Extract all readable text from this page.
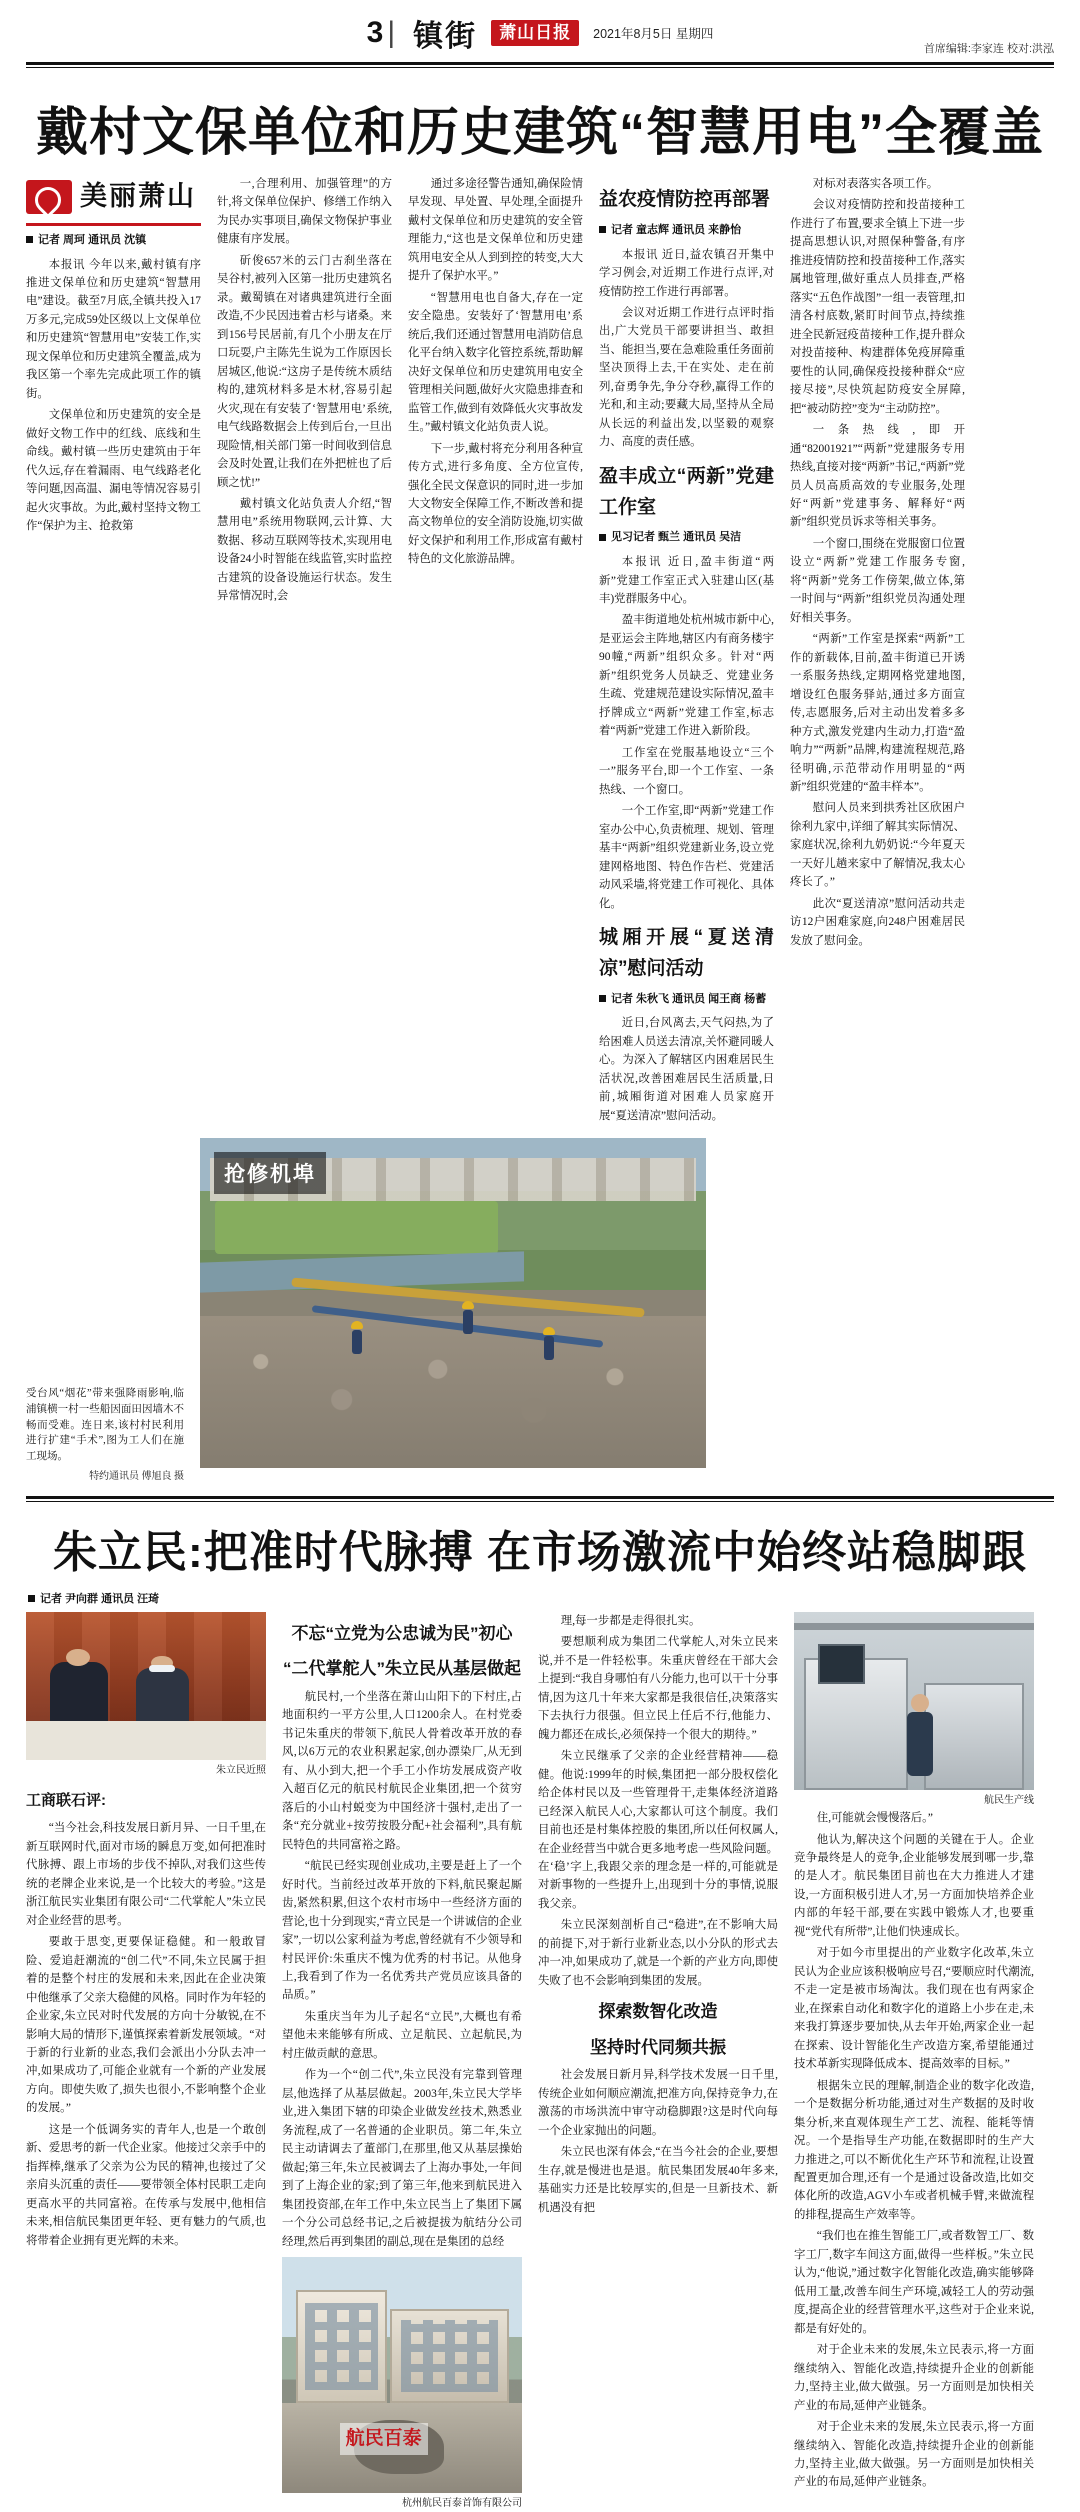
3 | 镇街	萧山日报	2021年8月5日 星期四
首席编辑:李家连 校对:洪泓
戴村文保单位和历史建筑“智慧用电”全覆盖
美丽萧山
记者 周珂 通讯员 沈镇

本报讯 今年以来,戴村镇有序推进文保单位和历史建筑“智慧用电”建设。截至7月底,全镇共投入17万多元,完成59处区级以上文保单位和历史建筑“智慧用电”安装工作,实现文保单位和历史建筑全覆盖,成为我区第一个率先完成此项工作的镇街。

文保单位和历史建筑的安全是做好文物工作中的红线、底线和生命线。戴村镇一些历史建筑由于年代久远,存在着漏雨、电气线路老化等问题,因高温、漏电等情况容易引起火灾事故。为此,戴村坚持文物工作“保护为主、抢救第

一,合理利用、加强管理”的方针,将文保单位保护、修缮工作纳入为民办实事项目,确保文物保护事业健康有序发展。

斫俊657米的云门古刹坐落在吴谷村,被列入区第一批历史建筑名录。戴蜀镇在对诸典建筑进行全面改造,不少民因违着古杉与诸桑。来到156号民居前,有几个小册友在厅口玩耍,户主陈先生说为工作原因长居城区,他说:“这房子是传统木质结构的,建筑材料多是木材,容易引起火灾,现在有安装了‘智慧用电’系统,电气线路数据会上传到后台,一旦出现险情,相关部门第一时间收到信息会及时处置,让我们在外把桩也了后顾之忧!”

戴村镇文化站负责人介绍,“智慧用电”系统用物联网,云计算、大数据、移动互联网等技术,实现用电设备24小时智能在线监管,实时监控古建筑的设备设施运行状态。发生异常情况时,会

通过多途径警告通知,确保险情早发现、早处置、早处理,全面提升戴村文保单位和历史建筑的安全管理能力,“这也是文保单位和历史建筑用电安全从人到到控的转变,大大提升了保护水平。”

“智慧用电也自备大,存在一定安全隐患。安装好了‘智慧用电’系统后,我们还通过智慧用电消防信息化平台纳入数字化管控系统,帮助解决好文保单位和历史建筑用电安全管理相关问题,做好火灾隐患排查和监管工作,做到有效降低火灾事故发生。”戴村镇文化站负责人说。

下一步,戴村将充分利用各种宣传方式,进行多角度、全方位宣传,强化全民文保意识的同时,进一步加大文物安全保障工作,不断改善和提高文物单位的安全消防设施,切实做好文保护和利用工作,形成富有戴村特色的文化旅游品牌。

益农疫情防控再部署
记者 童志辉 通讯员 来静怡

本报讯 近日,益农镇召开集中学习例会,对近期工作进行点评,对疫情防控工作进行再部署。

会议对近期工作进行点评时指出,广大党员干部要讲担当、敢担当、能担当,要在急难险重任务面前坚决顶得上去,干在实处、走在前列,奋勇争先,争分夺秒,赢得工作的光和,和主动;要藏大局,坚持从全局从长远的利益出发,以坚毅的观察力、高度的责任感。

盈丰成立“两新”党建工作室
见习记者 甄兰 通讯员 吴洁

本报讯 近日,盈丰街道“两新”党建工作室正式入驻建山区(基丰)党群服务中心。

盈丰街道地处杭州城市新中心,是亚运会主阵地,辖区内有商务楼宇90幢,“两新”组织众多。针对“两新”组织党务人员缺乏、党建业务生疏、党建规范建设实际情况,盈丰抒牌成立“两新”党建工作室,标志着“两新”党建工作进入新阶段。

工作室在党服基地设立“三个一”服务平台,即一个工作室、一条热线、一个窗口。

一个工作室,即“两新”党建工作室办公中心,负责梳理、规划、管理基丰“两新”组织党建新业务,设立党建网格地图、特色作告栏、党建活动风采墙,将党建工作可视化、具体化。

城厢开展“夏送清凉”慰问活动
记者 朱秋飞 通讯员 闻王商 杨蓄

近日,台风离去,天气闷热,为了给困难人员送去清凉,关怀避同暖人心。为深入了解辖区内困难居民生活状况,改善困难居民生活质量,日前,城厢街道对困难人员家庭开展“夏送清凉”慰问活动。

对标对表落实各项工作。

会议对疫情防控和投苗接种工作进行了布置,要求全镇上下进一步提高思想认识,对照保种警备,有序推进疫情防控和投苗接种工作,落实属地管理,做好重点人员排查,严格落实“五色作战图”一组一表管理,扣清各村底数,紧盯时间节点,持续推进全民新冠疫苗接种工作,提升群众对投苗接种、构建群体免疫屏障重要性的认同,确保疫投接种群众“应接尽接”,尽快筑起防疫安全屏障,把“被动防控”变为“主动防控”。

一条热线,即开通“82001921”“两新”党建服务专用热线,直接对接“两新”书记,“两新”党员人员高质高效的专业服务,处理好“两新”党建事务、解释好“两新”组织党员诉求等相关事务。

一个窗口,围绕在党服窗口位置设立“两新”党建工作服务专窗,将“两新”党务工作傍架,做立体,第一时间与“两新”组织党员沟通处理好相关事务。

“两新”工作室是探索“两新”工作的新载体,目前,盈丰街道已开诱一系服务热线,定期网格党建地图,增设红色服务驿站,通过多方面宣传,志愿服务,后对主动出发着多多种方式,激发党建内生动力,打造“盈响力”“两新”品牌,构建流程规范,路径明确,示范带动作用明显的“两新”组织党建的“盈丰样本”。

慰问人员来到拱秀社区欣困户徐利九家中,详细了解其实际情况、家庭状况,徐利九奶奶说:“今年夏天一天好儿趟来家中了解情况,我太心疼长了。”

此次“夏送清凉”慰问活动共走访12户困难家庭,向248户困难居民发放了慰问金。

受台风“烟花”带来强降雨影响,临浦镇横一村一些船因面田因墙木不畅而受难。连日来,该村村民利用进行扩建“手术”,图为工人们在施工现场。
特约通讯员 傅旭良 摄
抢修机埠
朱立民:把准时代脉搏 在市场激流中始终站稳脚跟
记者 尹向群 通讯员 汪琦
朱立民近照
工商联石评:

“当今社会,科技发展日新月异、一日千里,在新互联网时代,面对市场的瞬息万变,如何把准时代脉搏、跟上市场的步伐不掉队,对我们这些传统的老牌企业来说,是一个比较大的考验。”这是浙江航民实业集团有限公司“二代掌舵人”朱立民对企业经营的思考。

要敢于思变,更要保证稳健。和一般敢冒险、爱追赶潮流的“创二代”不同,朱立民属于担着的是整个村庄的发展和未来,因此在企业决策中他继承了父亲大稳健的风格。同时作为年轻的企业家,朱立民对时代发展的方向十分敏锐,在不影响大局的情形下,谨慎探索着新发展领域。“对于新的行业新的业态,我们会派出小分队去冲一冲,如果成功了,可能企业就有一个新的产业发展方向。即使失败了,损失也很小,不影响整个企业的发展。”

这是一个低调务实的青年人,也是一个敢创新、爱思考的新一代企业家。他接过父亲手中的指挥棒,继承了父亲为公为民的精神,也接过了父亲肩头沉重的责任——要带领全体村民职工走向更高水平的共同富裕。在传承与发展中,他相信未来,相信航民集团更年轻、更有魅力的气质,也将带着企业拥有更光辉的未来。

不忘“立党为公忠诚为民”初心
“二代掌舵人”朱立民从基层做起

航民村,一个坐落在萧山山阳下的下村庄,占地面积约一平方公里,人口1200余人。在村党委书记朱重庆的带领下,航民人骨着改革开放的春风,以6万元的农业积累起家,创办漂染厂,从无到有、从小到大,把一个手工小作坊发展成资产收入超百亿元的航民村航民企业集团,把一个贫穷落后的小山村蜕变为中国经济十强村,走出了一条“充分就业+按劳按股分配+社会福利”,具有航民特色的共同富裕之路。

“航民已经实现创业成功,主要是赶上了一个好时代。当前经过改革开放的下料,航民聚起厮齿,紧然积累,但这个农村市场中一些经济方面的营论,也十分到现实,“青立民是一个讲诚信的企业家”,一切以公家利益为考虑,曾经就有不少领导和村民评价:朱重庆不愧为优秀的村书记。从他身上,我看到了作为一名优秀共产党员应该具备的品质。”

朱重庆当年为儿子起名“立民”,大概也有希望他未来能够有所成、立足航民、立起航民,为村庄做贡献的意思。

作为一个“创二代”,朱立民没有完靠到管理层,他选择了从基层做起。2003年,朱立民大学毕业,进入集团下辖的印染企业做发丝技术,熟悉业务流程,成了一名普通的企业职员。第二年,朱立民主动请调去了董部门,在那里,他又从基层操始做起;第三年,朱立民被调去了上海办事处,一年间到了上海企业的家;到了第三年,他来到航民进入集团投资部,在年工作中,朱立民当上了集团下属一个分公司总经书记,之后被提拔为航结分公司经理,然后再到集团的副总,现在是集团的总经

航民百泰
杭州航民百泰首饰有限公司

理,每一步都是走得很扎实。

要想顺利成为集团二代掌舵人,对朱立民来说,并不是一件轻松事。朱重庆曾经在干部大会上提到:“我自身哪怕有八分能力,也可以干十分事情,因为这几十年来大家都是我很信任,决策落实下去执行力很强。但立民上任后不行,他能力、魄力都还在成长,必须保持一个很大的期待。”

朱立民继承了父亲的企业经营精神——稳健。他说:1999年的时候,集团把一部分股权偿化给企体村民以及一些管理骨干,走集体经济道路已经深入航民人心,大家都认可这个制度。我们目前也还是村集体控股的集团,所以任何权属人,在企业经营当中就合更多地考虑一些风险问题。在‘稳’字上,我跟父亲的理念是一样的,可能就是对新事物的一些提升上,出现到十分的事情,说服我父亲。

朱立民深刻剖析自己“稳进”,在不影响大局的前提下,对于新行业新业态,以小分队的形式去冲一冲,如果成功了,就是一个新的产业方向,即使失败了也不会影响到集团的发展。

探索数智化改造
坚持时代同频共振

社会发展日新月异,科学技术发展一日千里,传统企业如何顺应潮流,把准方向,保持竞争力,在激荡的市场洪流中审守动稳脚跟?这是时代向每一个企业家抛出的问题。

朱立民也深有体会,“在当今社会的企业,要想生存,就是慢进也是退。航民集团发展40年多来,基础实力还是比较厚实的,但是一旦新技术、新机遇没有把

航民生产线

住,可能就会慢慢落后。”

他认为,解决这个问题的关键在于人。企业竞争最终是人的竞争,企业能够发展到哪一步,靠的是人才。航民集团目前也在大力推进人才建设,一方面积极引进人才,另一方面加快培养企业内部的年轻干部,要在实践中锻炼人才,也要重视“党代有所带”,让他们快速成长。

对于如今市里提出的产业数字化改革,朱立民认为企业应该积极响应号召,“要顺应时代潮流,不走一定是被市场淘汰。我们现在也有两家企业,在探索自动化和数字化的道路上小步在走,未来我打算逐步要加快,从去年开始,两家企业一起在探索、设计智能化生产改造方案,希望能通过技术革新实现降低成本、提高效率的目标。”

根据朱立民的理解,制造企业的数字化改造,一个是数据分析功能,通过对生产数据的及时收集分析,来直观体现生产工艺、流程、能耗等情况。一个是指导生产功能,在数据即时的生产大力推进之,可以不断优化生产环节和流程,让设置配置更加合理,还有一个是通过设备改造,比如交体化所的改造,AGV小车或者机械手臂,来做流程的排程,提高生产效率等。

“我们也在推生智能工厂,或者数智工厂、数字工厂,数字车间这方面,做得一些样板。”朱立民认为,“他说,”通过数字化智能化改造,确实能够降低用工量,改善车间生产环境,减轻工人的劳动强度,提高企业的经营管理水平,这些对于企业来说,都是有好处的。

对于企业未来的发展,朱立民表示,将一方面继续纳入、智能化改造,持续提升企业的创新能力,坚持主业,做大做强。另一方面则是加快相关产业的布局,延伸产业链条。

对于企业未来的发展,朱立民表示,将一方面继续纳入、智能化改造,持续提升企业的创新能力,坚持主业,做大做强。另一方面则是加快相关产业的布局,延伸产业链条。
